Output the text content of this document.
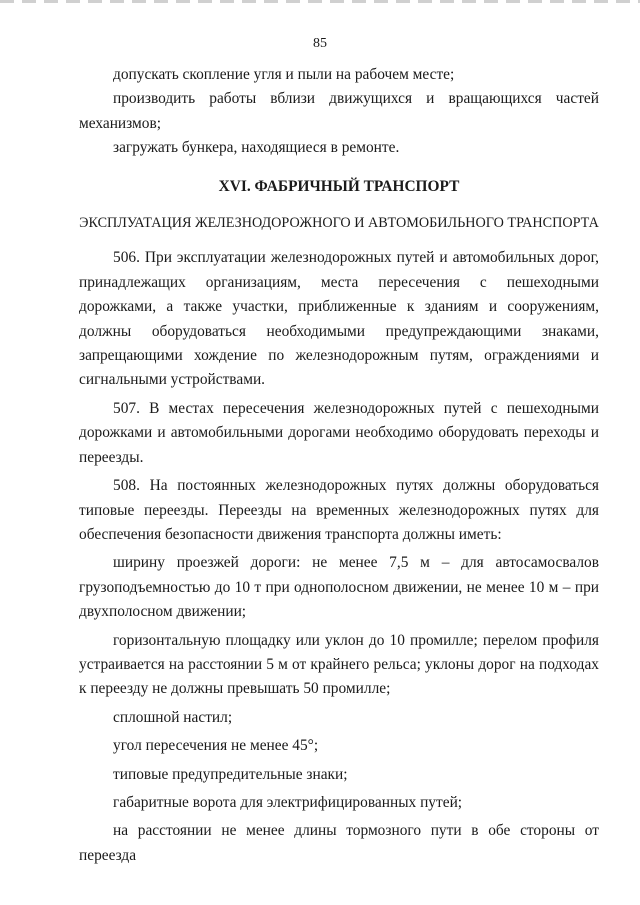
85

допускать скопление угля и пыли на рабочем месте;

производить работы вблизи движущихся и вращающихся частей механизмов;

загружать бункера, находящиеся в ремонте.

XVI. ФАБРИЧНЫЙ ТРАНСПОРТ

ЭКСПЛУАТАЦИЯ ЖЕЛЕЗНОДОРОЖНОГО И АВТОМОБИЛЬНОГО ТРАНСПОРТА

506. При эксплуатации железнодорожных путей и автомобильных дорог, принадлежащих организациям, места пересечения с пешеходными дорожками, а также участки, приближенные к зданиям и сооружениям, должны оборудоваться необходимыми предупреждающими знаками, запрещающими хождение по железнодорожным путям, ограждениями и сигнальными устройствами.

507. В местах пересечения железнодорожных путей с пешеходными дорожками и автомобильными дорогами необходимо оборудовать переходы и переезды.

508. На постоянных железнодорожных путях должны оборудоваться типовые переезды. Переезды на временных железнодорожных путях для обеспечения безопасности движения транспорта должны иметь:

ширину проезжей дороги: не менее 7,5 м – для автосамосвалов грузоподъемностью до 10 т при однополосном движении, не менее 10 м – при двухполосном движении;

горизонтальную площадку или уклон до 10 промилле; перелом профиля устраивается на расстоянии 5 м от крайнего рельса; уклоны дорог на подходах к переезду не должны превышать 50 промилле;

сплошной настил;

угол пересечения не менее 45°;

типовые предупредительные знаки;

габаритные ворота для электрифицированных путей;

на расстоянии не менее длины тормозного пути в обе стороны от переезда
